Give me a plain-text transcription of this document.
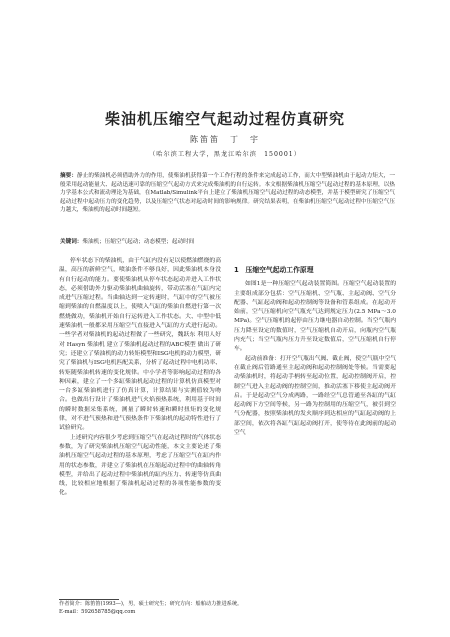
柴油机压缩空气起动过程仿真研究
陈笛笛　丁　宇
（哈尔滨工程大学，黑龙江哈尔滨　150001）
摘要：静止的柴油机必须借助外力的作用，使柴油机获得第一个工作行程的条件来完成起动工作，而大中型柴油机由于起动力矩大，一般采用起动能量大、起动迅速可靠的压缩空气起动方式来完成柴油机的自行运转。本文根据柴油机压缩空气起动过程的基本原理，以热力学基本公式和流动理论为基础，在Matlab/Simulink平台上建立了柴油机压缩空气起动过程的动态模型，并基于模型研究了压缩空气起动过程中起动压力的变化趋势，以及压缩空气状态对起动时间的影响规律。研究结果表明，在柴油机压缩空气起动过程中压缩空气压力越大，柴油机的起动时间越短。
关键词：柴油机；压缩空气起动；动态模型；起动时间

停车状态下的柴油机，由于气缸内没有足以使燃油燃烧的高温，高压的新鲜空气，喷油条件不够良好，因此柴油机本身没有自行起动的能力。要使柴油机从停车状态起动并进入工作状态，必须借助外力驱动柴油机曲轴旋转，带动活塞在气缸内完成进气压缩过程。当曲轴达到一定转速时，气缸中的空气被压缩到柴油的自燃温度以上，使喷入气缸的柴油自燃进行第一次燃烧做功，柴油机开始自行运转进入工作状态。大、中型中低速柴油机一般都采用压缩空气直接进入气缸的方式进行起动。一些学者对柴油机的起动过程做了一些研究，魏跃东 利用人好对 Hasyn 柴油机 建立了柴油机起动过程的ABC模型 做出了研究；还建立了柴油机的动力转矩模型和ISG电机的动力模型，研究了柴油机与ISG电机匹配关系，分析了起动过程中电机功率、转矩随柴油机转速的变化规律。中小学者等影响起动过程的各种因素，建立了一个多缸柴油机起动过程的计算机仿真模型对一台多缸柴油机进行了仿真计算，计算结果与实测值较为吻合。也做出行设计了柴油机进气火焰预热系统，利用基于时间的瞬时数据采集系统，测量了瞬时转速和瞬时扭矩的变化规律，对不进气预热和进气预热条件下柴油机的起动特性进行了试验研究。

上述研究内容很少考虑到压缩空气在起动过程时的气体状态参数，为了研究柴油机压缩空气起动性能，本文主要论述了柴油机压缩空气起动过程的基本原理，考虑了压缩空气在缸内作用的状态参数，并建立了柴油机在压缩起动过程中的曲轴转角模型，并给出了起动过程中柴油机的缸内压力、转速等仿真曲线，比较相应地根据了柴油机起动过程的各项性能参数的变化。

1　压缩空气起动工作原理

如图1是一种压缩空气起动装置简图。压缩空气起动装置的主要组成部分包括：空气压缩机、空气瓶、主起动阀、空气分配器、气缸起动阀和起动控制阀等设备和管系组成。在起动开始前，空气压缩机向空气瓶充气达到规定压力(2.5 MPa～3.0 MPa)。空气压缩机的起停由压力继电器自动控制。当空气瓶内压力降至设定的数值时，空气压缩机自动开启，向瓶内空气瓶内充气；当空气瓶内压力升至设定数值后，空气压缩机自行停车。

起动前准备：打开空气瓶出气阀、截止阀，使空气瓶中空气在截止阀后管路通至主起动阀和起动控制阀处等候。当需要起动柴油机时，将起动手柄转至起动位置，起动控制阀开启，控制空气进入主起动阀的控制空间，推动活塞下移使主起动阀开启。于是起动空气分成两路，一路经空气总管通至各缸的气缸起动阀下方空间等候，另一路为控制用的压缩空气，被引到空气分配器，按照柴油机的发火顺序到达相应的气缸起动阀的上部空间，依次将各缸气缸起动阀打开，使等待在此阀前的起动空气

作者简介：陈笛笛(1993—)，男，硕士研究生；研究方向：船舶动力推进系统。
E-mail：592658785@qq.com
